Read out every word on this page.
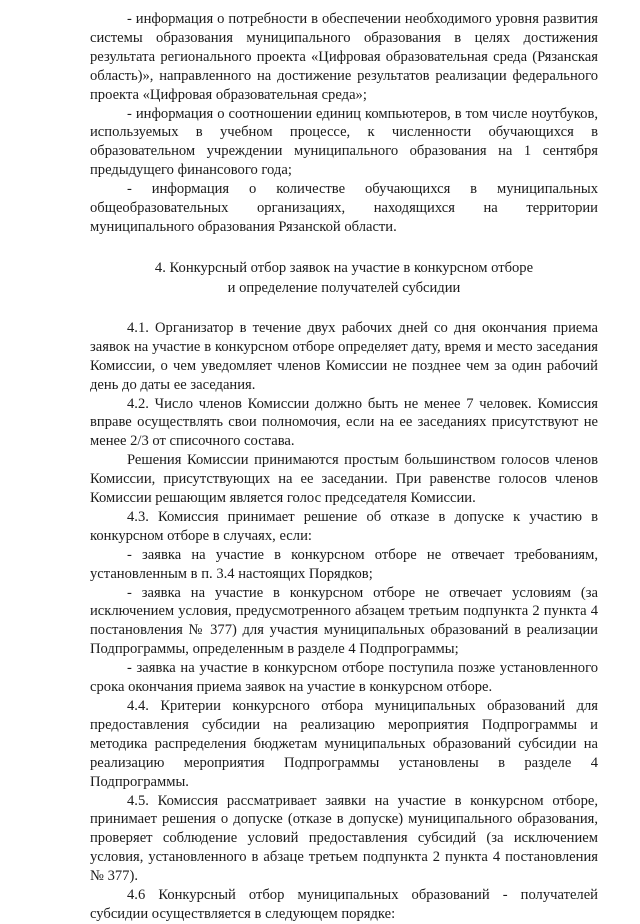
- информация о потребности в обеспечении необходимого уровня развития системы образования муниципального образования в целях достижения результата регионального проекта «Цифровая образовательная среда (Рязанская область)», направленного на достижение результатов реализации федерального проекта «Цифровая образовательная среда»;

- информация о соотношении единиц компьютеров, в том числе ноутбуков, используемых в учебном процессе, к численности обучающихся в образовательном учреждении муниципального образования на 1 сентября предыдущего финансового года;

- информация о количестве обучающихся в муниципальных общеобразовательных организациях, находящихся на территории муниципального образования Рязанской области.

4. Конкурсный отбор заявок на участие в конкурсном отборе

и определение получателей субсидии

4.1. Организатор в течение двух рабочих дней со дня окончания приема заявок на участие в конкурсном отборе определяет дату, время и место заседания Комиссии, о чем уведомляет членов Комиссии не позднее чем за один рабочий день до даты ее заседания.

4.2. Число членов Комиссии должно быть не менее 7 человек. Комиссия вправе осуществлять свои полномочия, если на ее заседаниях присутствуют не менее 2/3 от списочного состава.

Решения Комиссии принимаются простым большинством голосов членов Комиссии, присутствующих на ее заседании. При равенстве голосов членов Комиссии решающим является голос председателя Комиссии.

4.3. Комиссия принимает решение об отказе в допуске к участию в конкурсном отборе в случаях, если:

- заявка на участие в конкурсном отборе не отвечает требованиям, установленным в п. 3.4 настоящих Порядков;

- заявка на участие в конкурсном отборе не отвечает условиям (за исключением условия, предусмотренного абзацем третьим подпункта 2 пункта 4 постановления № 377) для участия муниципальных образований в реализации Подпрограммы, определенным в разделе 4 Подпрограммы;

- заявка на участие в конкурсном отборе поступила позже установленного срока окончания приема заявок на участие в конкурсном отборе.

4.4. Критерии конкурсного отбора муниципальных образований для предоставления субсидии на реализацию мероприятия Подпрограммы и методика распределения бюджетам муниципальных образований субсидии на реализацию мероприятия Подпрограммы установлены в разделе 4 Подпрограммы.

4.5. Комиссия рассматривает заявки на участие в конкурсном отборе, принимает решения о допуске (отказе в допуске) муниципального образования, проверяет соблюдение условий предоставления субсидий (за исключением условия, установленного в абзаце третьем подпункта 2 пункта 4 постановления № 377).

4.6 Конкурсный отбор муниципальных образований - получателей субсидии осуществляется в следующем порядке:
